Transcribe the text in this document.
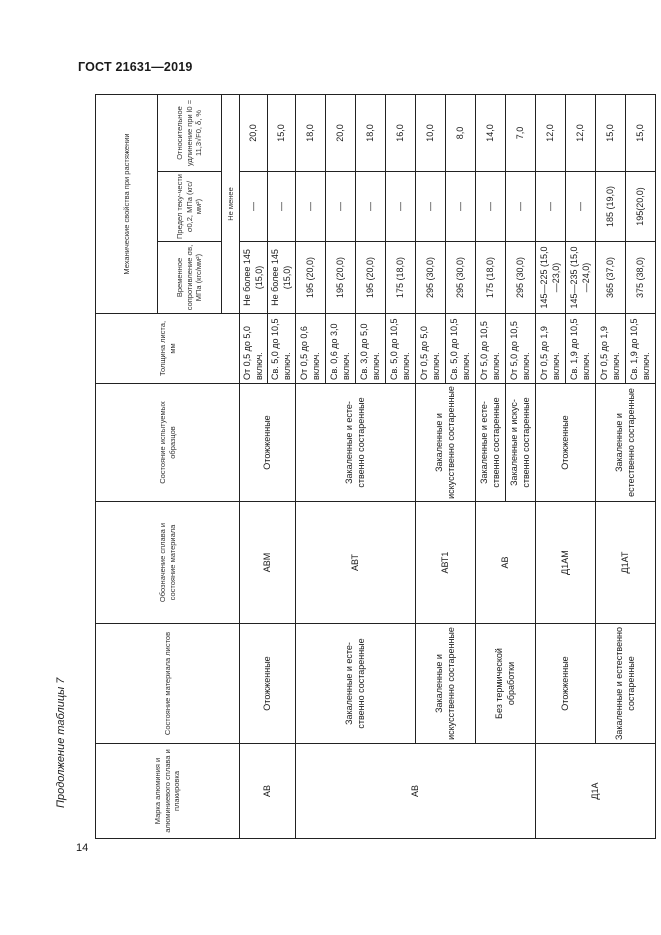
ГОСТ 21631—2019
Продолжение таблицы 7
14
Марка алюминия и алюминиевого сплава и плакировка	Состояние материала листов	Обозначение сплава и состояние материала	Состояние испытуемых образцов	Толщина листа, мм	Механические свойства при растяжении		
					Временное сопротивление σв, МПа (кгс/мм²)	Предел теку-чести σ0,2, МПа (кгс/мм²)	Относительное удлинение при l0 = 11,3√F0, δ, %
					Не менее		
АВ	Отожженные	АВМ	Отожженные	От 0,5 до 5,0 включ.	Не более 145 (15,0)	—	20,0
				Св. 5,0 до 10,5 включ.	Не более 145 (15,0)	—	15,0
АВ	Закаленные и есте-ственно состаренные	АВТ	Закаленные и есте-ственно состаренные	От 0,5 до 0,6 включ.	195 (20,0)	—	18,0
				Св. 0,6 до 3,0 включ.	195 (20,0)	—	20,0
				Св. 3,0 до 5,0 включ.	195 (20,0)	—	18,0
				Св. 5,0 до 10,5 включ.	175 (18,0)	—	16,0
	Закаленные и искусственно состаренные	АВТ1	Закаленные и искусственно состаренные	От 0,5 до 5,0 включ.	295 (30,0)	—	10,0
				Св. 5,0 до 10,5 включ.	295 (30,0)	—	8,0
	Без термической обработки	АВ	Закаленные и есте-ственно состаренные	От 5,0 до 10,5 включ.	175 (18,0)	—	14,0
			Закаленные и искус-ственно состаренные	От 5,0 до 10,5 включ.	295 (30,0)	—	7,0
Д1А	Отожженные	Д1АМ	Отожженные	От 0,5 до 1,9 включ.	145—225 (15,0—23,0)	—	12,0
				Св. 1,9 до 10,5 включ.	145—235 (15,0—24,0)	—	12,0
	Закаленные и естественно состаренные	Д1АТ	Закаленные и естественно состаренные	От 0,5 до 1,9 включ.	365 (37,0)	185 (19,0)	15,0
				Св. 1,9 до 10,5 включ.	375 (38,0)	195(20,0)	15,0
